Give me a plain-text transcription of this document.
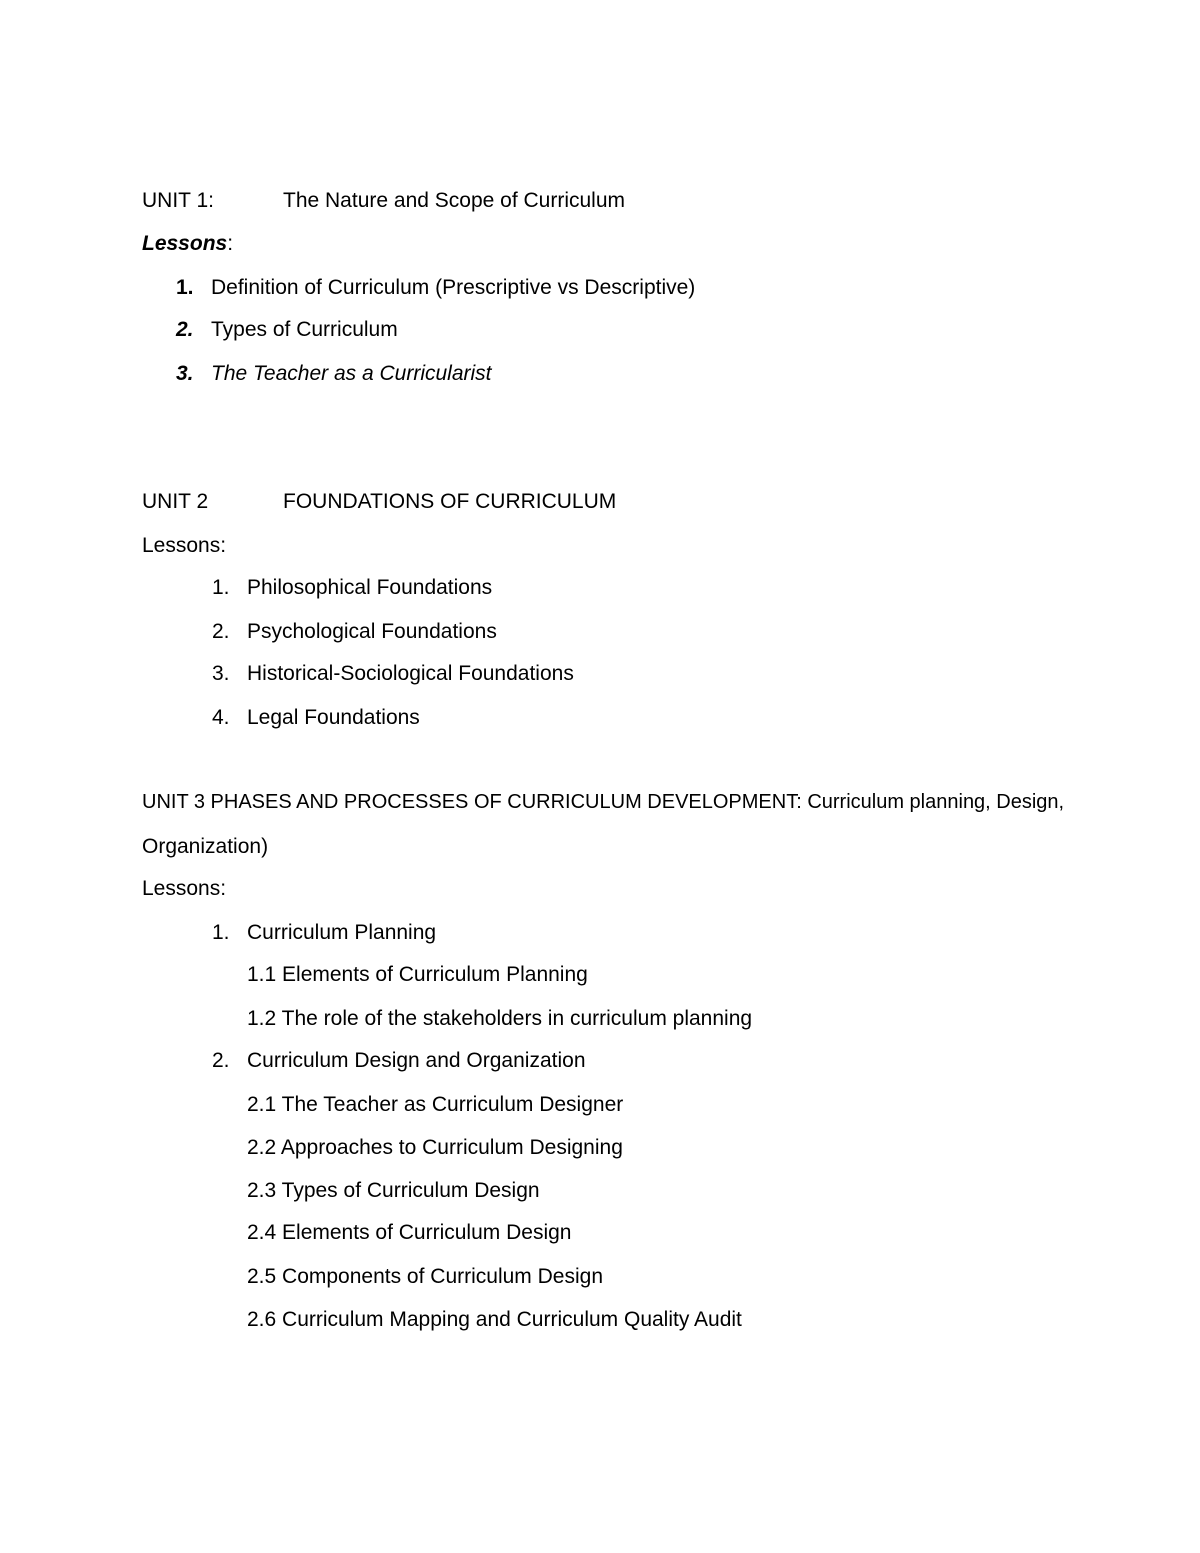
UNIT 1:	The Nature and Scope of Curriculum
Lessons:
1. Definition of Curriculum (Prescriptive vs Descriptive)
2. Types of Curriculum
3. The Teacher as a Curricularist
UNIT 2	FOUNDATIONS OF CURRICULUM
Lessons:
1. Philosophical Foundations
2. Psychological Foundations
3. Historical-Sociological Foundations
4. Legal Foundations
UNIT 3 PHASES AND PROCESSES OF CURRICULUM DEVELOPMENT: Curriculum planning, Design,
Organization)
Lessons:
1. Curriculum Planning
1.1 Elements of Curriculum Planning
1.2 The role of the stakeholders in curriculum planning
2. Curriculum Design and Organization
2.1 The Teacher as Curriculum Designer
2.2 Approaches to Curriculum Designing
2.3 Types of Curriculum Design
2.4 Elements of Curriculum Design
2.5 Components of Curriculum Design
2.6 Curriculum Mapping and Curriculum Quality Audit
